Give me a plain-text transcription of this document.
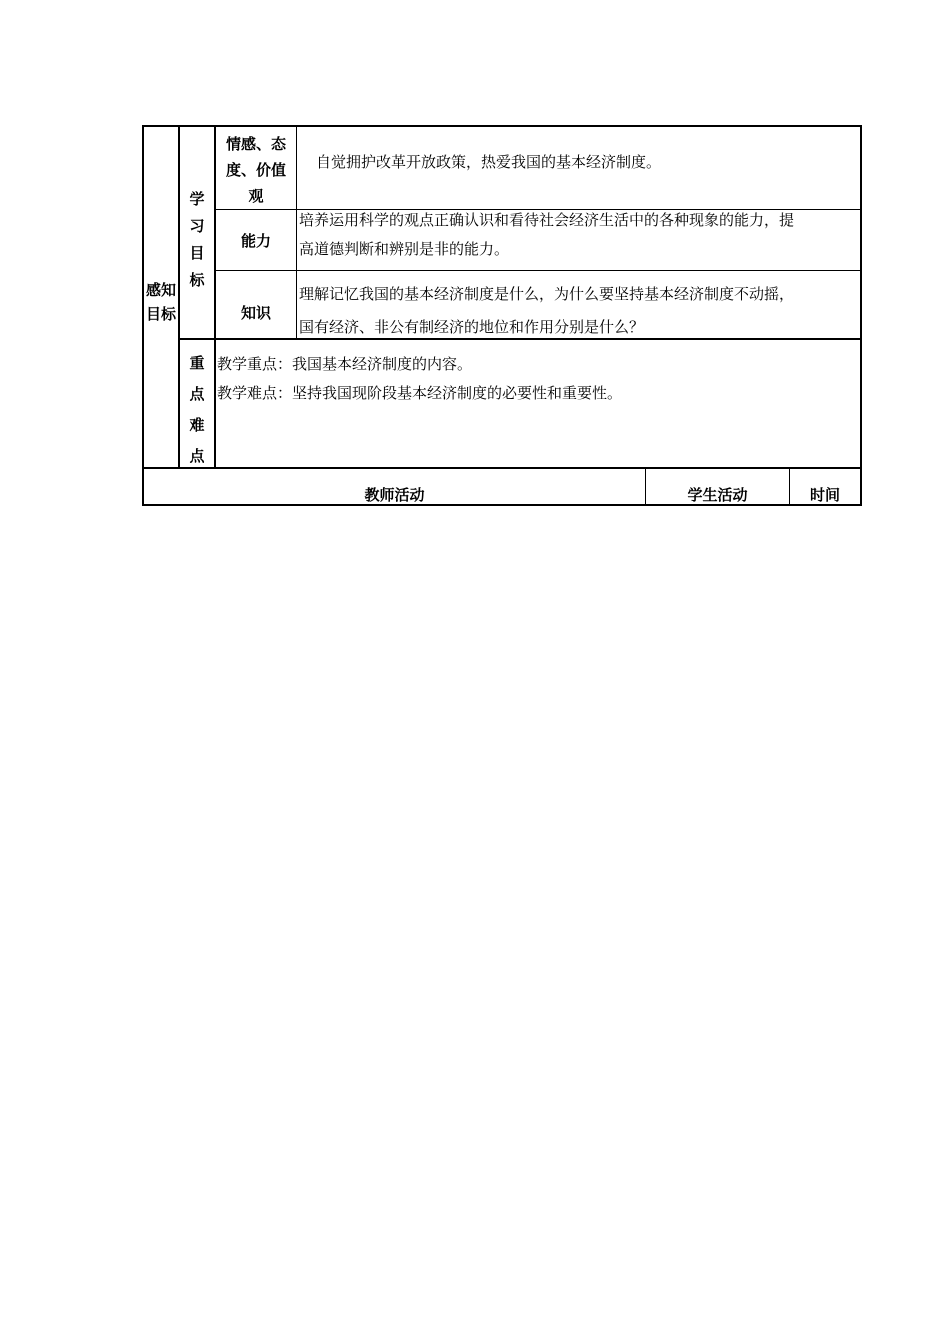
感知
目标
学
习
目
标
情感、态
度、价值
观
自觉拥护改革开放政策，热爱我国的基本经济制度。
能力
培养运用科学的观点正确认识和看待社会经济生活中的各种现象的能力，提
高道德判断和辨别是非的能力。
知识
理解记忆我国的基本经济制度是什么，为什么要坚持基本经济制度不动摇，
国有经济、非公有制经济的地位和作用分别是什么？
重
点
难
点
教学重点：我国基本经济制度的内容。
教学难点：坚持我国现阶段基本经济制度的必要性和重要性。
教师活动	学生活动	时间
